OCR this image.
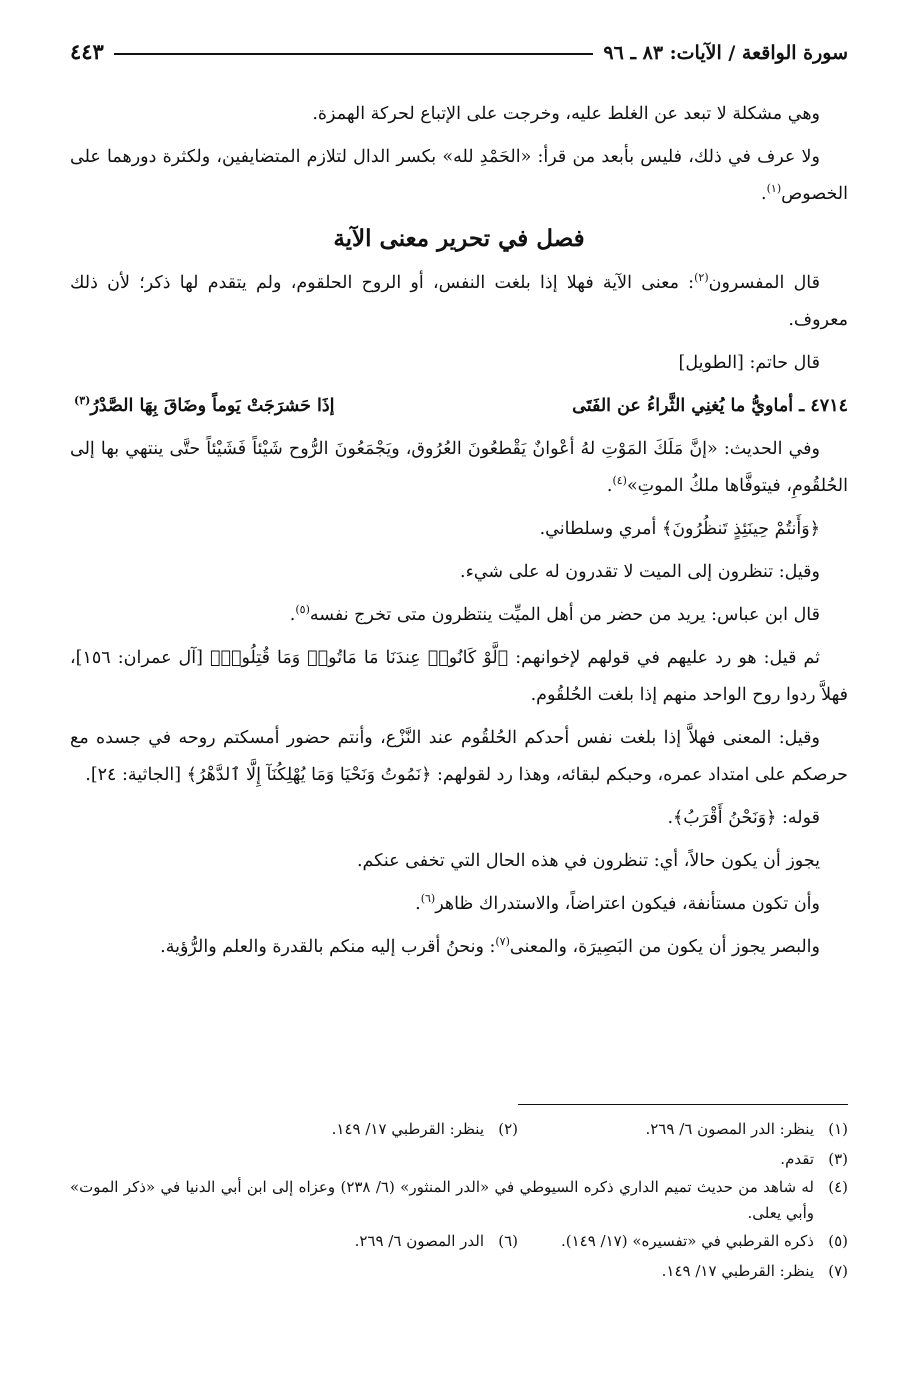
سورة الواقعة / الآيات: ٨٣ ـ ٩٦
٤٤٣

وهي مشكلة لا تبعد عن الغلط عليه، وخرجت على الإتباع لحركة الهمزة.

ولا عرف في ذلك، فليس بأبعد من قرأ: «الحَمْدِ لله» بكسر الدال لتلازم المتضايفين، ولكثرة دورهما على الخصوص$^{(١)}$.

فصل في تحرير معنى الآية

قال المفسرون$^{(٢)}$: معنى الآية فهلا إذا بلغت النفس، أو الروح الحلقوم، ولم يتقدم لها ذكر؛ لأن ذلك معروف.

قال حاتم: [الطويل]

٤٧١٤ ـ أماويُّ ما يُغنِي الثَّراءُ عن الفَتَى
إذَا حَشرَجَتْ يَوماً وضَاقَ بِهَا الصَّدْرُ$^{(٣)}$

وفي الحديث: «إنَّ مَلَكَ المَوْتِ لهُ أعْوانٌ يَقْطعُونَ العُرُوق، ويَجْمَعُونَ الرُّوح شَيْئاً فَشَيْئاً حتَّى ينتهي بها إلى الحُلقُومِ، فيتوفَّاها ملكُ الموتِ»$^{(٤)}$.

﴿وَأَنتُمْ حِينَئِذٍ تَنظُرُونَ﴾ أمري وسلطاني.

وقيل: تنظرون إلى الميت لا تقدرون له على شيء.

قال ابن عباس: يريد من حضر من أهل الميِّت ينتظرون متى تخرج نفسه$^{(٥)}$.

ثم قيل: هو رد عليهم في قولهم لإخوانهم: ﴿لَّوْ كَانُوا۟ عِندَنَا مَا مَاتُوا۟ وَمَا قُتِلُوا۟﴾ [آل عمران: ١٥٦]، فهلاَّ ردوا روح الواحد منهم إذا بلغت الحُلقُوم.

وقيل: المعنى فهلاَّ إذا بلغت نفس أحدكم الحُلقُوم عند النَّزْع، وأنتم حضور أمسكتم روحه في جسده مع حرصكم على امتداد عمره، وحبكم لبقائه، وهذا رد لقولهم: ﴿نَمُوتُ وَنَحْيَا وَمَا يُهْلِكُنَآ إِلَّا ٱلدَّهْرُ﴾ [الجاثية: ٢٤].

قوله: ﴿وَنَحْنُ أَقْرَبُ﴾.

يجوز أن يكون حالاً، أي: تنظرون في هذه الحال التي تخفى عنكم.

وأن تكون مستأنفة، فيكون اعتراضاً، والاستدراك ظاهر$^{(٦)}$.

والبصر يجوز أن يكون من البَصِيرَة، والمعنى$^{(٧)}$: ونحنُ أقرب إليه منكم بالقدرة والعلم والرُّؤية.

(١)
ينظر: الدر المصون ٦/ ٢٦٩.
(٢)
ينظر: القرطبي ١٧/ ١٤٩.
(٣)
تقدم.
(٤)
له شاهد من حديث تميم الداري ذكره السيوطي في «الدر المنثور» (٦/ ٢٣٨) وعزاه إلى ابن أبي الدنيا في «ذكر الموت» وأبي يعلى.
(٥)
ذكره القرطبي في «تفسيره» (١٧/ ١٤٩).
(٦)
الدر المصون ٦/ ٢٦٩.
(٧)
ينظر: القرطبي ١٧/ ١٤٩.
